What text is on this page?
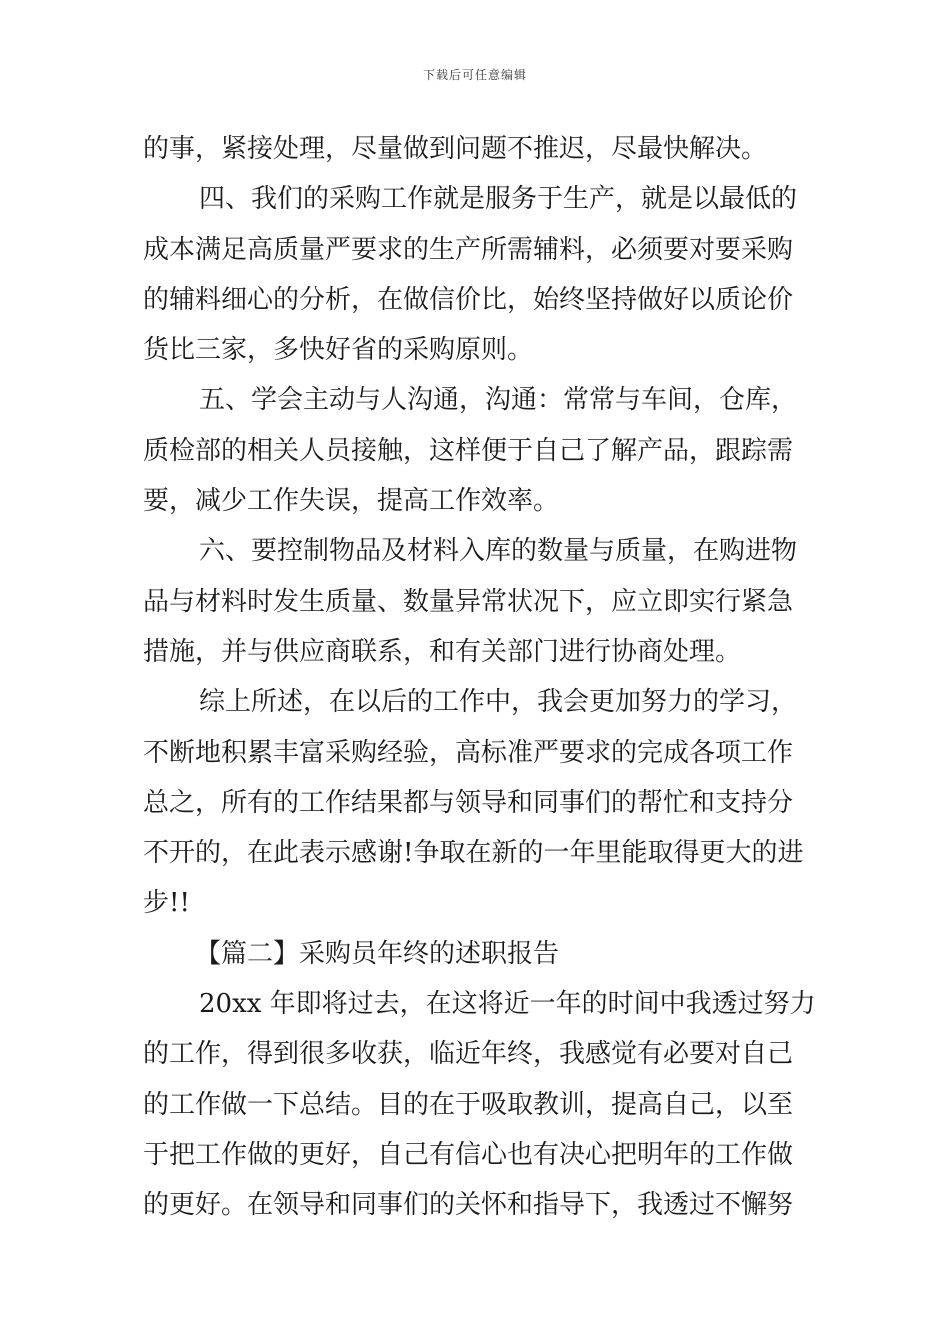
下载后可任意编辑
的事，紧接处理，尽量做到问题不推迟，尽最快解决。
四、我们的采购工作就是服务于生产，就是以最低的
成本满足高质量严要求的生产所需辅料，必须要对要采购
的辅料细心的分析，在做信价比，始终坚持做好以质论价
货比三家，多快好省的采购原则。
五、学会主动与人沟通，沟通：常常与车间，仓库，
质检部的相关人员接触，这样便于自己了解产品，跟踪需
要，减少工作失误，提高工作效率。
六、要控制物品及材料入库的数量与质量，在购进物
品与材料时发生质量、数量异常状况下，应立即实行紧急
措施，并与供应商联系，和有关部门进行协商处理。
综上所述，在以后的工作中，我会更加努力的学习，
不断地积累丰富采购经验，高标准严要求的完成各项工作
总之，所有的工作结果都与领导和同事们的帮忙和支持分
不开的，在此表示感谢!争取在新的一年里能取得更大的进
步!!
【篇二】采购员年终的述职报告
20xx 年即将过去，在这将近一年的时间中我透过努力
的工作，得到很多收获，临近年终，我感觉有必要对自己
的工作做一下总结。目的在于吸取教训，提高自己，以至
于把工作做的更好，自己有信心也有决心把明年的工作做
的更好。在领导和同事们的关怀和指导下，我透过不懈努
